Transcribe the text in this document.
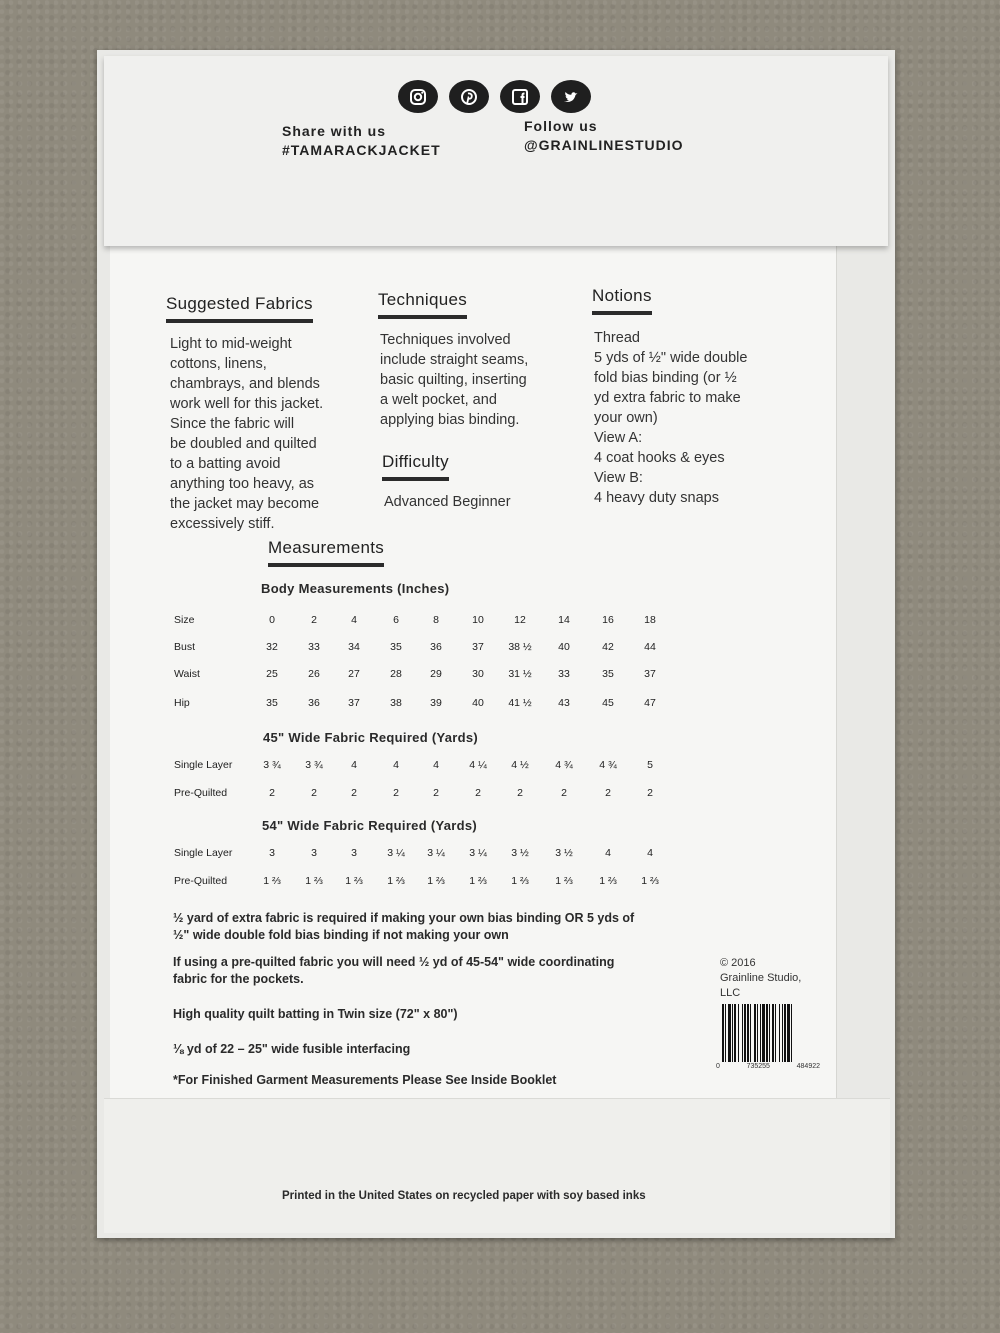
Suggested Fabrics
Light to mid-weight
cottons, linens,
chambrays, and blends
work well for this jacket.
Since the fabric will
be doubled and quilted
to a batting avoid
anything too heavy, as
the jacket may become
excessively stiff.
Techniques
Techniques involved
include straight seams,
basic quilting, inserting
a welt pocket, and
applying bias binding.
Difficulty
Advanced Beginner
Notions
Thread
5 yds of ½" wide double
fold bias binding (or ½
yd extra fabric to make
your own)
View A:
4 coat hooks & eyes
View B:
4 heavy duty snaps
Measurements
Body Measurements (Inches)
45" Wide Fabric Required (Yards)
54" Wide Fabric Required (Yards)
Size	0	2	4	6	8	10	12	14	16	18
Bust	32	33	34	35	36	37	38 ½	40	42	44
Waist	25	26	27	28	29	30	31 ½	33	35	37
Hip	35	36	37	38	39	40	41 ½	43	45	47
Single Layer	3 ¾	3 ¾	4	4	4	4 ¼	4 ½	4 ¾	4 ¾	5
Pre-Quilted	2	2	2	2	2	2	2	2	2	2
Single Layer	3	3	3	3 ¼	3 ¼	3 ¼	3 ½	3 ½	4	4
Pre-Quilted	1 ⅔	1 ⅔	1 ⅔	1 ⅔	1 ⅔	1 ⅔	1 ⅔	1 ⅔	1 ⅔	1 ⅔
½ yard of extra fabric is required if making your own bias binding OR 5 yds of ½" wide double fold bias binding if not making your own
If using a pre-quilted fabric you will need ½ yd of 45-54" wide coordinating fabric for the pockets.
High quality quilt batting in Twin size (72" x 80")
⅛ yd of 22 – 25" wide fusible interfacing
*For Finished Garment Measurements Please See Inside Booklet
© 2016
Grainline Studio,
LLC
0	735255	484922
Share with us
#TAMARACKJACKET
Follow us
@GRAINLINESTUDIO
Printed in the United States on recycled paper with soy based inks
